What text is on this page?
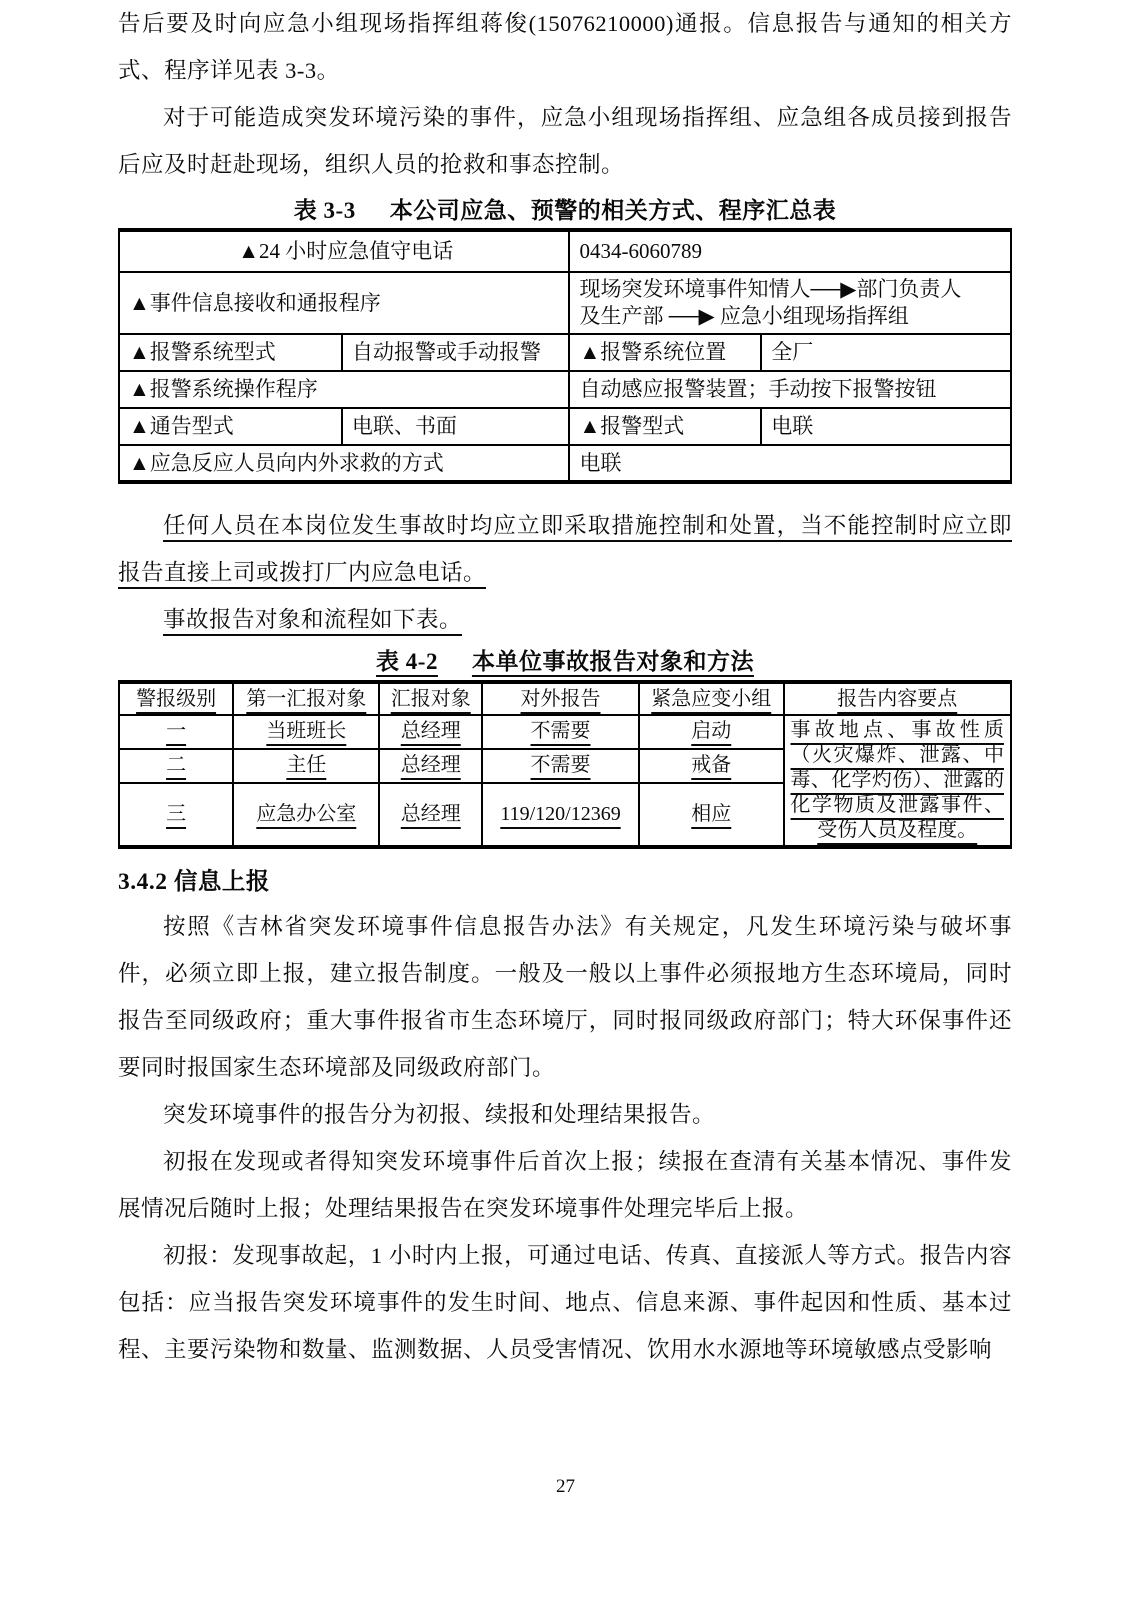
告后要及时向应急小组现场指挥组蒋俊(15076210000)通报。信息报告与通知的相关方式、程序详见表 3-3。

对于可能造成突发环境污染的事件，应急小组现场指挥组、应急组各成员接到报告后应及时赶赴现场，组织人员的抢救和事态控制。

表 3-3 本公司应急、预警的相关方式、程序汇总表
▲24 小时应急值守电话		0434-6060789	
▲事件信息接收和通报程序		现场突发环境事件知情人──▶部门负责人
及生产部 ──▶ 应急小组现场指挥组	

▲报警系统型式	自动报警或手动报警	▲报警系统位置	全厂
▲报警系统操作程序		自动感应报警装置；手动按下报警按钮	
▲通告型式	电联、书面	▲报警型式	电联
▲应急反应人员向内外求救的方式		电联	

任何人员在本岗位发生事故时均应立即采取措施控制和处置，当不能控制时应立即报告直接上司或拨打厂内应急电话。

事故报告对象和流程如下表。

表 4-2 本单位事故报告对象和方法
警报级别	第一汇报对象	汇报对象	对外报告	紧急应变小组	报告内容要点
一	当班班长	总经理	不需要	启动	事故地点、事故性质（火灾爆炸、泄露、中毒、化学灼伤）、泄露的化学物质及泄露事件、受伤人员及程度。
二	主任	总经理	不需要	戒备	
三	应急办公室	总经理	119/120/12369	相应	
3.4.2 信息上报

按照《吉林省突发环境事件信息报告办法》有关规定，凡发生环境污染与破坏事件，必须立即上报，建立报告制度。一般及一般以上事件必须报地方生态环境局，同时报告至同级政府；重大事件报省市生态环境厅，同时报同级政府部门；特大环保事件还要同时报国家生态环境部及同级政府部门。

突发环境事件的报告分为初报、续报和处理结果报告。

初报在发现或者得知突发环境事件后首次上报；续报在查清有关基本情况、事件发展情况后随时上报；处理结果报告在突发环境事件处理完毕后上报。

初报：发现事故起，1 小时内上报，可通过电话、传真、直接派人等方式。报告内容包括：应当报告突发环境事件的发生时间、地点、信息来源、事件起因和性质、基本过程、主要污染物和数量、监测数据、人员受害情况、饮用水水源地等环境敏感点受影响

27
